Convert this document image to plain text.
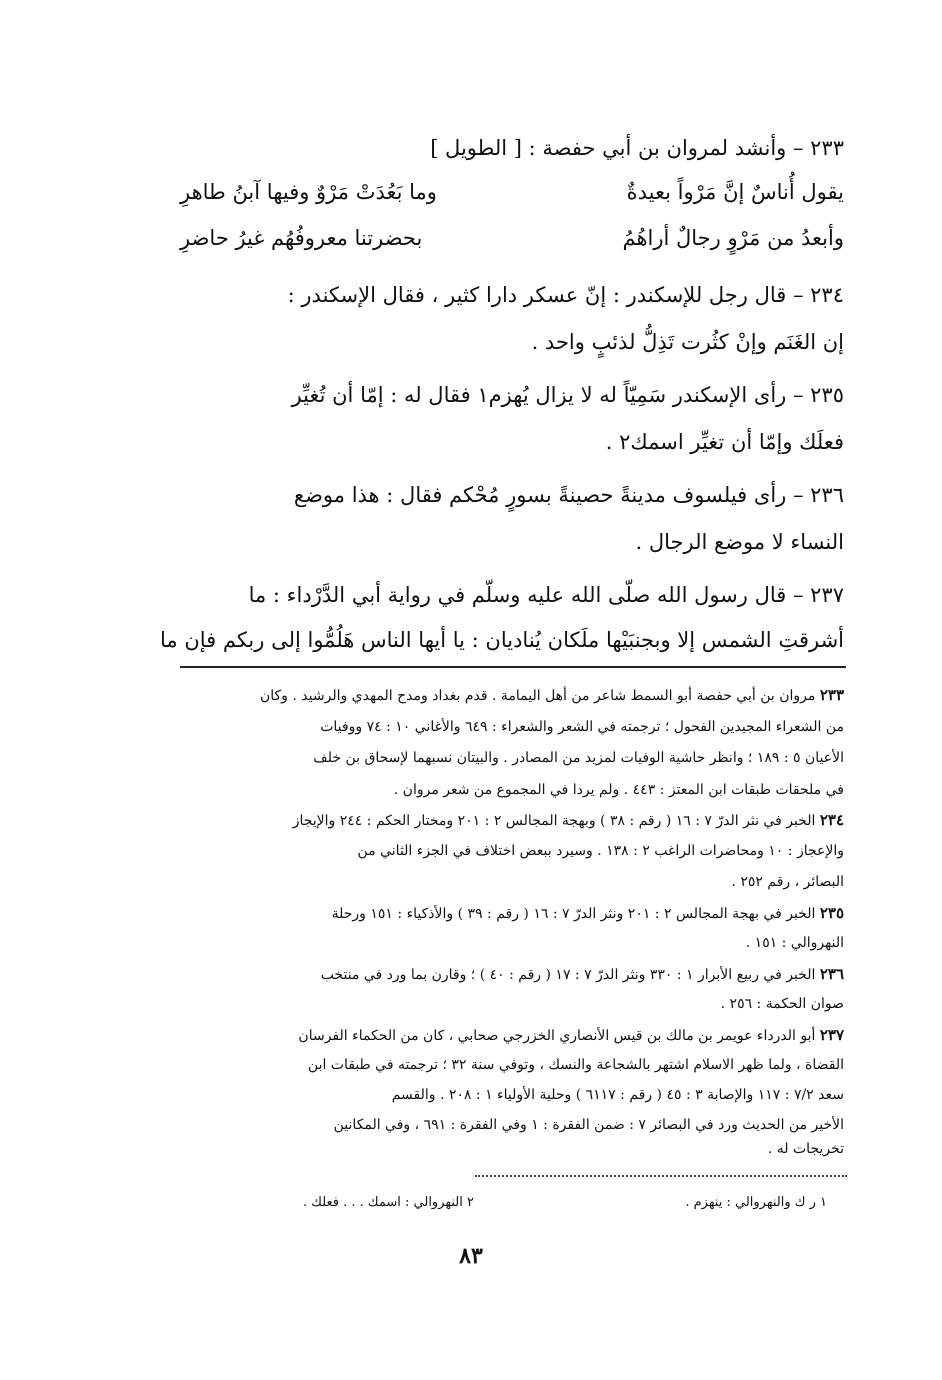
٢٣٣ – وأنشد لمروان بن أبي حفصة : [ الطويل ]
يقول أُناسٌ إنَّ مَرْواً بعيدةٌ
وما بَعُدَتْ مَرْوٌ وفيها آبنُ طاهرِ
وأبعدُ من مَرْوٍ رجالٌ أراهُمُ
بحضرتنا معروفُهُم غيرُ حاضرِ
٢٣٤ – قال رجل للإسكندر : إنّ عسكر دارا كثير ، فقال الإسكندر :
إن الغَنَم وإنْ كثُرت تَذِلُّ لذئبٍ واحد .
٢٣٥ – رأى الإسكندر سَمِيّاً له لا يزال يُهزم١ فقال له : إمّا أن تُغيِّر
فعلَك وإمّا أن تغيِّر اسمك٢ .
٢٣٦ – رأى فيلسوف مدينةً حصينةً بسورٍ مُحْكم فقال : هذا موضع
النساء لا موضع الرجال .
٢٣٧ – قال رسول الله صلّى الله عليه وسلّم في رواية أبي الدَّرْداء : ما
أشرقتِ الشمس إلا وبجنبَيْها ملَكان يُناديان : يا أيها الناس هَلُمُّوا إلى ربكم فإن ما
٢٣٣ مروان بن أبي حفصة أبو السمط شاعر من أهل اليمامة . قدم بغداد ومدح المهدي والرشيد . وكان
من الشعراء المجيدين الفحول ؛ ترجمته في الشعر والشعراء : ٦٤٩ والأغاني ١٠ : ٧٤ ووفيات
الأعيان ٥ : ١٨٩ ؛ وانظر حاشية الوفيات لمزيد من المصادر . والبيتان نسبهما لإسحاق بن خلف
في ملحقات طبقات ابن المعتز : ٤٤٣ . ولم يردا في المجموع من شعر مروان .
٢٣٤ الخبر في نثر الدرّ ٧ : ١٦ ( رقم : ٣٨ ) وبهجة المجالس ٢ : ٢٠١ ومختار الحكم : ٢٤٤ والإيجاز
والإعجاز : ١٠ ومحاضرات الراغب ٢ : ١٣٨ . وسيرد ببعض اختلاف في الجزء الثاني من
البصائر ، رقم ٢٥٢ .
٢٣٥ الخبر في بهجة المجالس ٢ : ٢٠١ ونثر الدرّ ٧ : ١٦ ( رقم : ٣٩ ) والأذكياء : ١٥١ ورحلة
النهروالي : ١٥١ .
٢٣٦ الخبر في ربيع الأبرار ١ : ٣٣٠ ونثر الدرّ ٧ : ١٧ ( رقم : ٤٠ ) ؛ وقارن بما ورد في منتخب
صوان الحكمة : ٢٥٦ .
٢٣٧ أبو الدرداء عويمر بن مالك بن قيس الأنصاري الخزرجي صحابي ، كان من الحكماء الفرسان
القضاة ، ولما ظهر الاسلام اشتهر بالشجاعة والنسك ، وتوفي سنة ٣٢ ؛ ترجمته في طبقات ابن
سعد ٧/٢ : ١١٧ والإصابة ٣ : ٤٥ ( رقم : ٦١١٧ ) وحلية الأولياء ١ : ٢٠٨ . والقسم
الأخير من الحديث ورد في البصائر ٧ : ضمن الفقرة : ١ وفي الفقرة : ٦٩١ ، وفي المكانين
تخريجات له .
١ ر ك والنهروالي : ينهزم .
٢ النهروالي : اسمك . . . فعلك .
٨٣
